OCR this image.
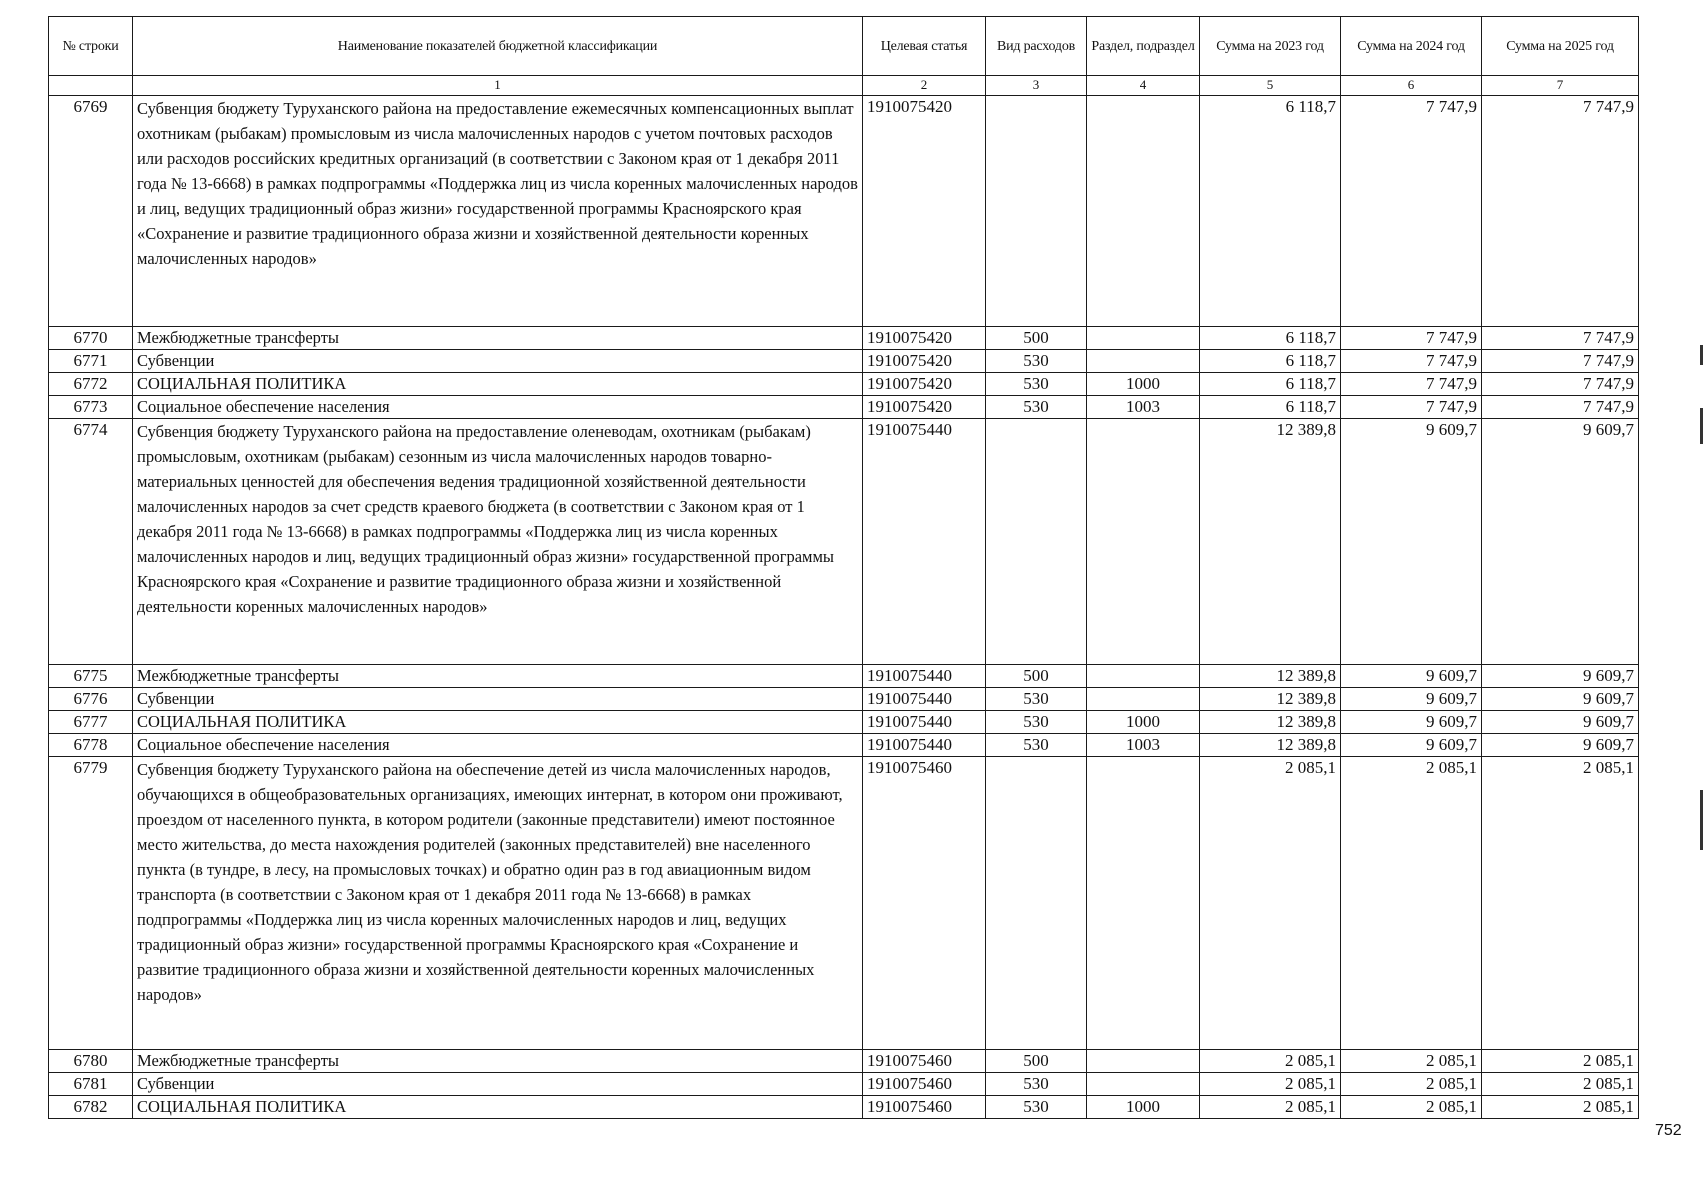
№ строки	Наименование показателей бюджетной классификации	Целевая статья	Вид расходов	Раздел, подраздел	Сумма на 2023 год	Сумма на 2024 год	Сумма на 2025 год
	1	2	3	4	5	6	7
6769	Субвенция бюджету Туруханского района на предоставление ежемесячных компенсационных выплат охотникам (рыбакам) промысловым из числа малочисленных народов с учетом почтовых расходов или расходов российских кредитных организаций (в соответствии с Законом края от 1 декабря 2011 года № 13-6668) в рамках подпрограммы «Поддержка лиц из числа коренных малочисленных народов и лиц, ведущих традиционный образ жизни» государственной программы Красноярского края «Сохранение и развитие традиционного образа жизни и хозяйственной деятельности коренных малочисленных народов»	1910075420			6 118,7	7 747,9	7 747,9
6770	Межбюджетные трансферты	1910075420	500		6 118,7	7 747,9	7 747,9
6771	Субвенции	1910075420	530		6 118,7	7 747,9	7 747,9
6772	СОЦИАЛЬНАЯ ПОЛИТИКА	1910075420	530	1000	6 118,7	7 747,9	7 747,9
6773	Социальное обеспечение населения	1910075420	530	1003	6 118,7	7 747,9	7 747,9
6774	Субвенция бюджету Туруханского района на предоставление оленеводам, охотникам (рыбакам) промысловым, охотникам (рыбакам) сезонным из числа малочисленных народов товарно-материальных ценностей для обеспечения ведения традиционной хозяйственной деятельности малочисленных народов за счет средств краевого бюджета (в соответствии с Законом края от 1 декабря 2011 года № 13-6668) в рамках подпрограммы «Поддержка лиц из числа коренных малочисленных народов и лиц, ведущих традиционный образ жизни» государственной программы Красноярского края «Сохранение и развитие традиционного образа жизни и хозяйственной деятельности коренных малочисленных народов»	1910075440			12 389,8	9 609,7	9 609,7
6775	Межбюджетные трансферты	1910075440	500		12 389,8	9 609,7	9 609,7
6776	Субвенции	1910075440	530		12 389,8	9 609,7	9 609,7
6777	СОЦИАЛЬНАЯ ПОЛИТИКА	1910075440	530	1000	12 389,8	9 609,7	9 609,7
6778	Социальное обеспечение населения	1910075440	530	1003	12 389,8	9 609,7	9 609,7
6779	Субвенция бюджету Туруханского района на обеспечение детей из числа малочисленных народов, обучающихся в общеобразовательных организациях, имеющих интернат, в котором они проживают, проездом от населенного пункта, в котором родители (законные представители) имеют постоянное место жительства, до места нахождения родителей (законных представителей) вне населенного пункта (в тундре, в лесу, на промысловых точках) и обратно один раз в год авиационным видом транспорта (в соответствии с Законом края от 1 декабря 2011 года № 13-6668) в рамках подпрограммы «Поддержка лиц из числа коренных малочисленных народов и лиц, ведущих традиционный образ жизни» государственной программы Красноярского края «Сохранение и развитие традиционного образа жизни и хозяйственной деятельности коренных малочисленных народов»	1910075460			2 085,1	2 085,1	2 085,1
6780	Межбюджетные трансферты	1910075460	500		2 085,1	2 085,1	2 085,1
6781	Субвенции	1910075460	530		2 085,1	2 085,1	2 085,1
6782	СОЦИАЛЬНАЯ ПОЛИТИКА	1910075460	530	1000	2 085,1	2 085,1	2 085,1
752
